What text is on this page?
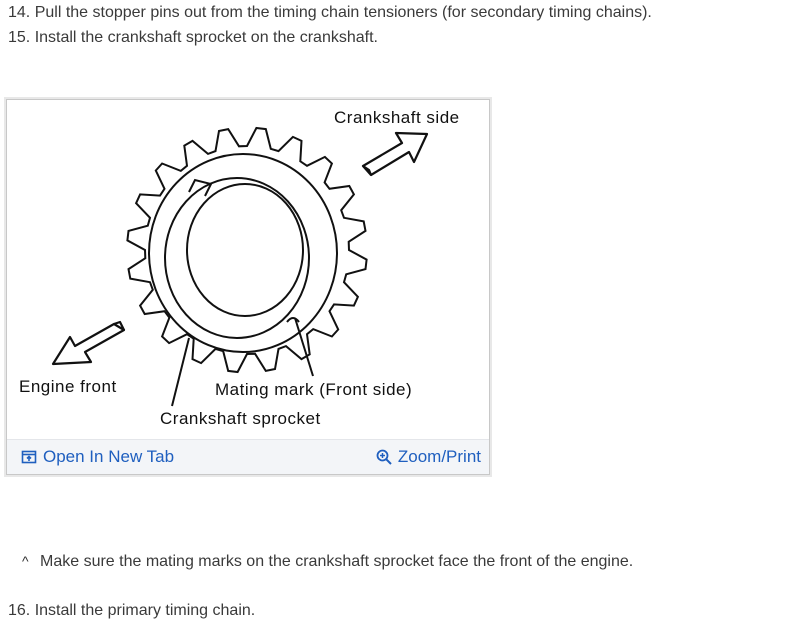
14. Pull the stopper pins out from the timing chain tensioners (for secondary timing chains).
15. Install the crankshaft sprocket on the crankshaft.
Crankshaft side
Engine front	Mating mark (Front side)
Crankshaft sprocket
Open In New Tab	Zoom/Print
^ Make sure the mating marks on the crankshaft sprocket face the front of the engine.
16. Install the primary timing chain.
